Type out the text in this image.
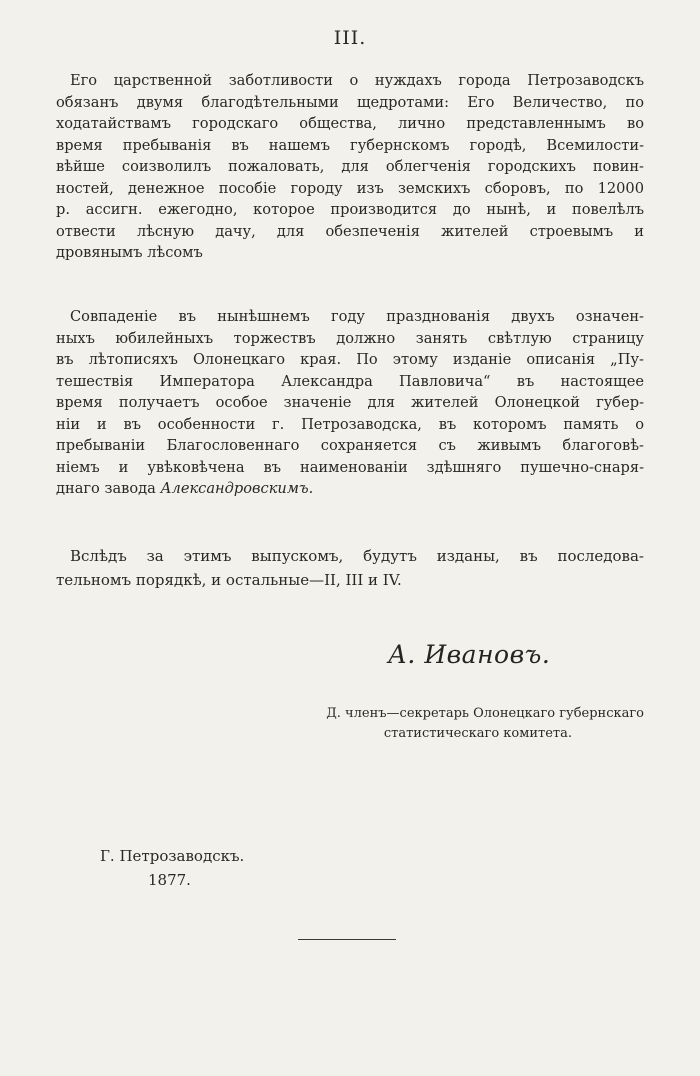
III.
Его царственной заботливости о нуждахъ города Петрозаводскъ
обязанъ двумя благодѣтельными щедротами: Его Величество, по
ходатайствамъ городскаго общества, лично представленнымъ во
время пребыванія въ нашемъ губернскомъ городѣ, Всемилости-
вѣйше соизволилъ пожаловать, для облегченія городскихъ повин-
ностей, денежное пособіе городу изъ земскихъ сборовъ, по 12000
р. ассигн. ежегодно, которое производится до нынѣ, и повелѣлъ
отвести лѣсную дачу, для обезпеченія жителей строевымъ и
дровянымъ лѣсомъ
Совпаденіе въ нынѣшнемъ году празднованія двухъ означен-
ныхъ юбилейныхъ торжествъ должно занять свѣтлую страницу
въ лѣтописяхъ Олонецкаго края. По этому изданіе описанія „Пу-
тешествія Императора Александра Павловича“ въ настоящее
время получаетъ особое значеніе для жителей Олонецкой губер-
ніи и въ особенности г. Петрозаводска, въ которомъ память о
пребываніи Благословеннаго сохраняется съ живымъ благоговѣ-
ніемъ и увѣковѣчена въ наименованіи здѣшняго пушечно-снаря-
днаго завода Александровскимъ.
Вслѣдъ за этимъ выпускомъ, будутъ изданы, въ последова-
тельномъ порядкѣ, и остальные—II, III и IV.
А. Ивановъ.
Д. членъ—секретарь Олонецкаго губернскаго
статистическаго комитета.
Г. Петрозаводскъ.
1877.
